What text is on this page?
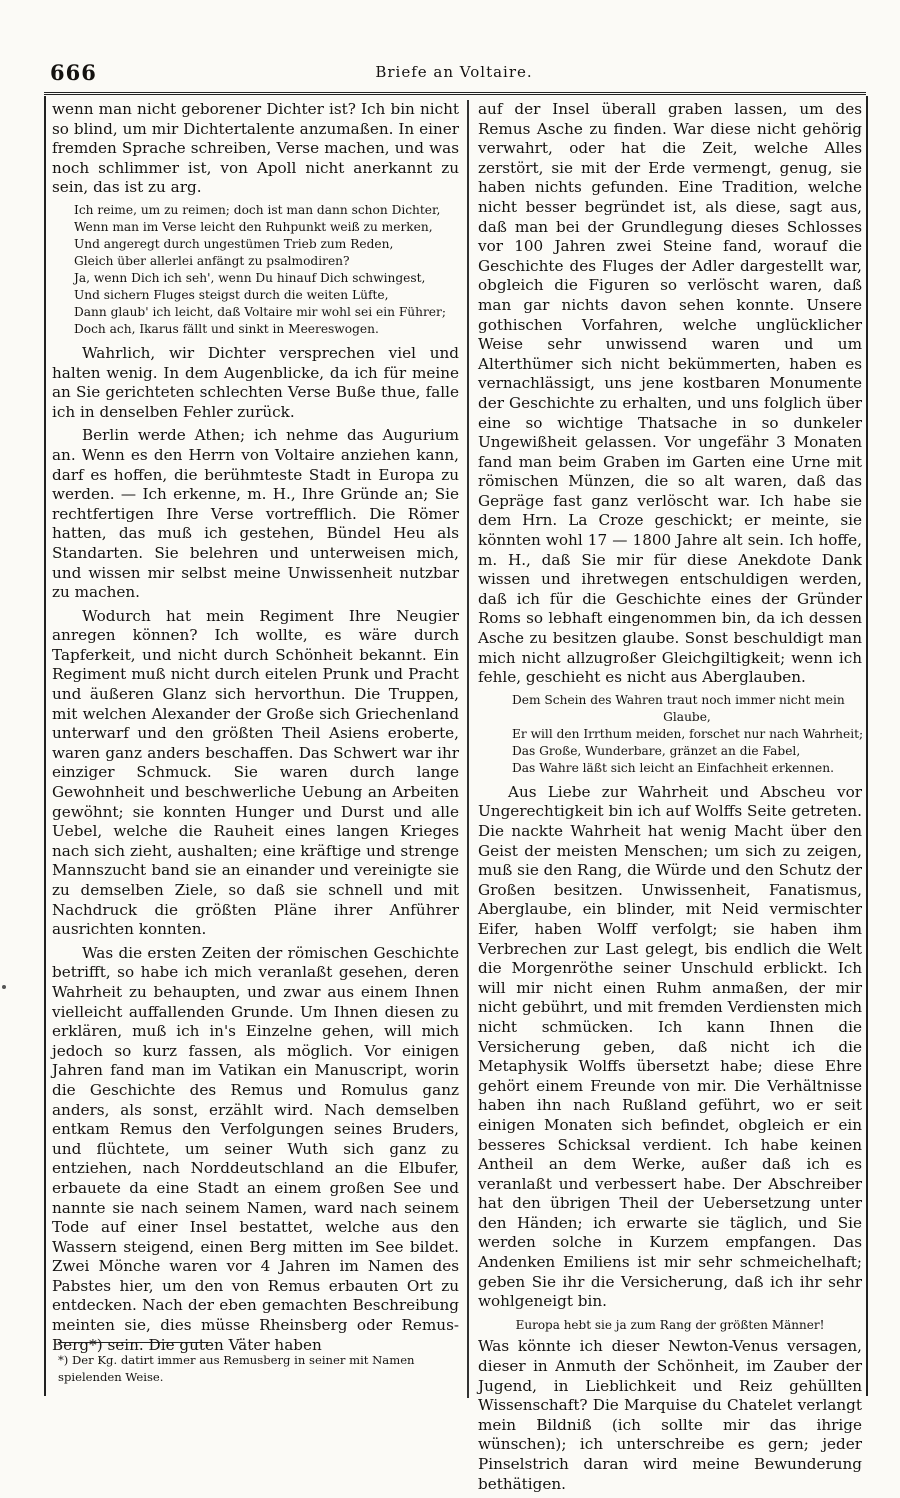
666	Briefe an Voltaire.

wenn man nicht geborener Dichter ist? Ich bin nicht so blind, um mir Dichtertalente anzumaßen. In einer fremden Sprache schreiben, Verse machen, und was noch schlimmer ist, von Apoll nicht anerkannt zu sein, das ist zu arg.

Ich reime, um zu reimen; doch ist man dann schon Dichter,
Wenn man im Verse leicht den Ruhpunkt weiß zu merken,
Und angeregt durch ungestümen Trieb zum Reden,
Gleich über allerlei anfängt zu psalmodiren?
Ja, wenn Dich ich seh', wenn Du hinauf Dich schwingest,
Und sichern Fluges steigst durch die weiten Lüfte,
Dann glaub' ich leicht, daß Voltaire mir wohl sei ein Führer;
Doch ach, Ikarus fällt und sinkt in Meereswogen.

Wahrlich, wir Dichter versprechen viel und halten wenig. In dem Augenblicke, da ich für meine an Sie gerichteten schlechten Verse Buße thue, falle ich in denselben Fehler zurück.

Berlin werde Athen; ich nehme das Augurium an. Wenn es den Herrn von Voltaire anziehen kann, darf es hoffen, die berühmteste Stadt in Europa zu werden. — Ich erkenne, m. H., Ihre Gründe an; Sie rechtfertigen Ihre Verse vortrefflich. Die Römer hatten, das muß ich gestehen, Bündel Heu als Standarten. Sie belehren und unterweisen mich, und wissen mir selbst meine Unwissenheit nutzbar zu machen.

Wodurch hat mein Regiment Ihre Neugier anregen können? Ich wollte, es wäre durch Tapferkeit, und nicht durch Schönheit bekannt. Ein Regiment muß nicht durch eitelen Prunk und Pracht und äußeren Glanz sich hervorthun. Die Truppen, mit welchen Alexander der Große sich Griechenland unterwarf und den größten Theil Asiens eroberte, waren ganz anders beschaffen. Das Schwert war ihr einziger Schmuck. Sie waren durch lange Gewohnheit und beschwerliche Uebung an Arbeiten gewöhnt; sie konnten Hunger und Durst und alle Uebel, welche die Rauheit eines langen Krieges nach sich zieht, aushalten; eine kräftige und strenge Mannszucht band sie an einander und vereinigte sie zu demselben Ziele, so daß sie schnell und mit Nachdruck die größten Pläne ihrer Anführer ausrichten konnten.

Was die ersten Zeiten der römischen Geschichte betrifft, so habe ich mich veranlaßt gesehen, deren Wahrheit zu behaupten, und zwar aus einem Ihnen vielleicht auffallenden Grunde. Um Ihnen diesen zu erklären, muß ich in's Einzelne gehen, will mich jedoch so kurz fassen, als möglich. Vor einigen Jahren fand man im Vatikan ein Manuscript, worin die Geschichte des Remus und Romulus ganz anders, als sonst, erzählt wird. Nach demselben entkam Remus den Verfolgungen seines Bruders, und flüchtete, um seiner Wuth sich ganz zu entziehen, nach Norddeutschland an die Elbufer, erbauete da eine Stadt an einem großen See und nannte sie nach seinem Namen, ward nach seinem Tode auf einer Insel bestattet, welche aus den Wassern steigend, einen Berg mitten im See bildet. Zwei Mönche waren vor 4 Jahren im Namen des Pabstes hier, um den von Remus erbauten Ort zu entdecken. Nach der eben gemachten Beschreibung meinten sie, dies müsse Rheinsberg oder Remus-Berg*) sein. Die guten Väter haben

*) Der Kg. datirt immer aus Remusberg in seiner mit Namen spielenden Weise.

auf der Insel überall graben lassen, um des Remus Asche zu finden. War diese nicht gehörig verwahrt, oder hat die Zeit, welche Alles zerstört, sie mit der Erde vermengt, genug, sie haben nichts gefunden. Eine Tradition, welche nicht besser begründet ist, als diese, sagt aus, daß man bei der Grundlegung dieses Schlosses vor 100 Jahren zwei Steine fand, worauf die Geschichte des Fluges der Adler dargestellt war, obgleich die Figuren so verlöscht waren, daß man gar nichts davon sehen konnte. Unsere gothischen Vorfahren, welche unglücklicher Weise sehr unwissend waren und um Alterthümer sich nicht bekümmerten, haben es vernachlässigt, uns jene kostbaren Monumente der Geschichte zu erhalten, und uns folglich über eine so wichtige Thatsache in so dunkeler Ungewißheit gelassen. Vor ungefähr 3 Monaten fand man beim Graben im Garten eine Urne mit römischen Münzen, die so alt waren, daß das Gepräge fast ganz verlöscht war. Ich habe sie dem Hrn. La Croze geschickt; er meinte, sie könnten wohl 17 — 1800 Jahre alt sein. Ich hoffe, m. H., daß Sie mir für diese Anekdote Dank wissen und ihretwegen entschuldigen werden, daß ich für die Geschichte eines der Gründer Roms so lebhaft eingenommen bin, da ich dessen Asche zu besitzen glaube. Sonst beschuldigt man mich nicht allzugroßer Gleichgiltigkeit; wenn ich fehle, geschieht es nicht aus Aberglauben.

Dem Schein des Wahren traut noch immer nicht mein
Glaube,
Er will den Irrthum meiden, forschet nur nach Wahrheit;
Das Große, Wunderbare, gränzet an die Fabel,
Das Wahre läßt sich leicht an Einfachheit erkennen.

Aus Liebe zur Wahrheit und Abscheu vor Ungerechtigkeit bin ich auf Wolffs Seite getreten. Die nackte Wahrheit hat wenig Macht über den Geist der meisten Menschen; um sich zu zeigen, muß sie den Rang, die Würde und den Schutz der Großen besitzen. Unwissenheit, Fanatismus, Aberglaube, ein blinder, mit Neid vermischter Eifer, haben Wolff verfolgt; sie haben ihm Verbrechen zur Last gelegt, bis endlich die Welt die Morgenröthe seiner Unschuld erblickt. Ich will mir nicht einen Ruhm anmaßen, der mir nicht gebührt, und mit fremden Verdiensten mich nicht schmücken. Ich kann Ihnen die Versicherung geben, daß nicht ich die Metaphysik Wolffs übersetzt habe; diese Ehre gehört einem Freunde von mir. Die Verhältnisse haben ihn nach Rußland geführt, wo er seit einigen Monaten sich befindet, obgleich er ein besseres Schicksal verdient. Ich habe keinen Antheil an dem Werke, außer daß ich es veranlaßt und verbessert habe. Der Abschreiber hat den übrigen Theil der Uebersetzung unter den Händen; ich erwarte sie täglich, und Sie werden solche in Kurzem empfangen. Das Andenken Emiliens ist mir sehr schmeichelhaft; geben Sie ihr die Versicherung, daß ich ihr sehr wohlgeneigt bin.

Europa hebt sie ja zum Rang der größten Männer!

Was könnte ich dieser Newton-Venus versagen, dieser in Anmuth der Schönheit, im Zauber der Jugend, in Lieblichkeit und Reiz gehüllten Wissenschaft? Die Marquise du Chatelet verlangt mein Bildniß (ich sollte mir das ihrige wünschen); ich unterschreibe es gern; jeder Pinselstrich daran wird meine Bewunderung bethätigen.
